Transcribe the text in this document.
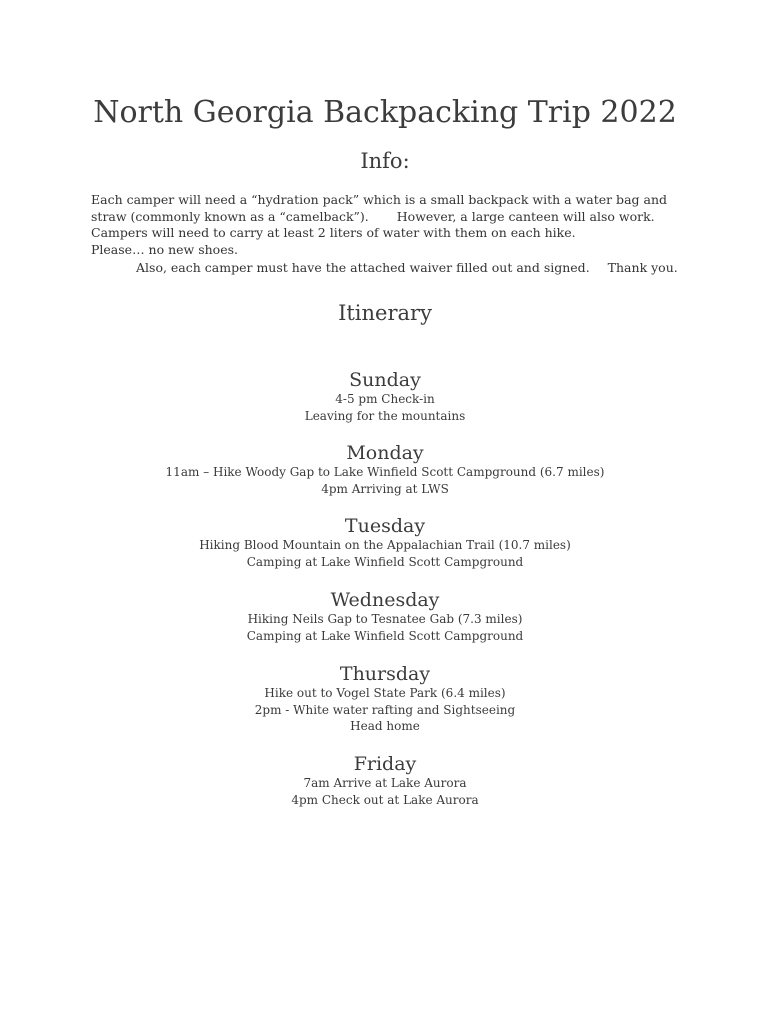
North Georgia Backpacking Trip 2022
Info:
Each camper will need a “hydration pack” which is a small backpack with a water bag and
straw (commonly known as a “camelback”). However, a large canteen will also work.
Campers will need to carry at least 2 liters of water with them on each hike.
Please… no new shoes.
Also, each camper must have the attached waiver filled out and signed. Thank you.
Itinerary
Sunday
4-5 pm Check-in
Leaving for the mountains
Monday
11am – Hike Woody Gap to Lake Winfield Scott Campground (6.7 miles)
4pm Arriving at LWS
Tuesday
Hiking Blood Mountain on the Appalachian Trail (10.7 miles)
Camping at Lake Winfield Scott Campground
Wednesday
Hiking Neils Gap to Tesnatee Gab (7.3 miles)
Camping at Lake Winfield Scott Campground
Thursday
Hike out to Vogel State Park (6.4 miles)
2pm - White water rafting and Sightseeing
Head home
Friday
7am Arrive at Lake Aurora
4pm Check out at Lake Aurora
